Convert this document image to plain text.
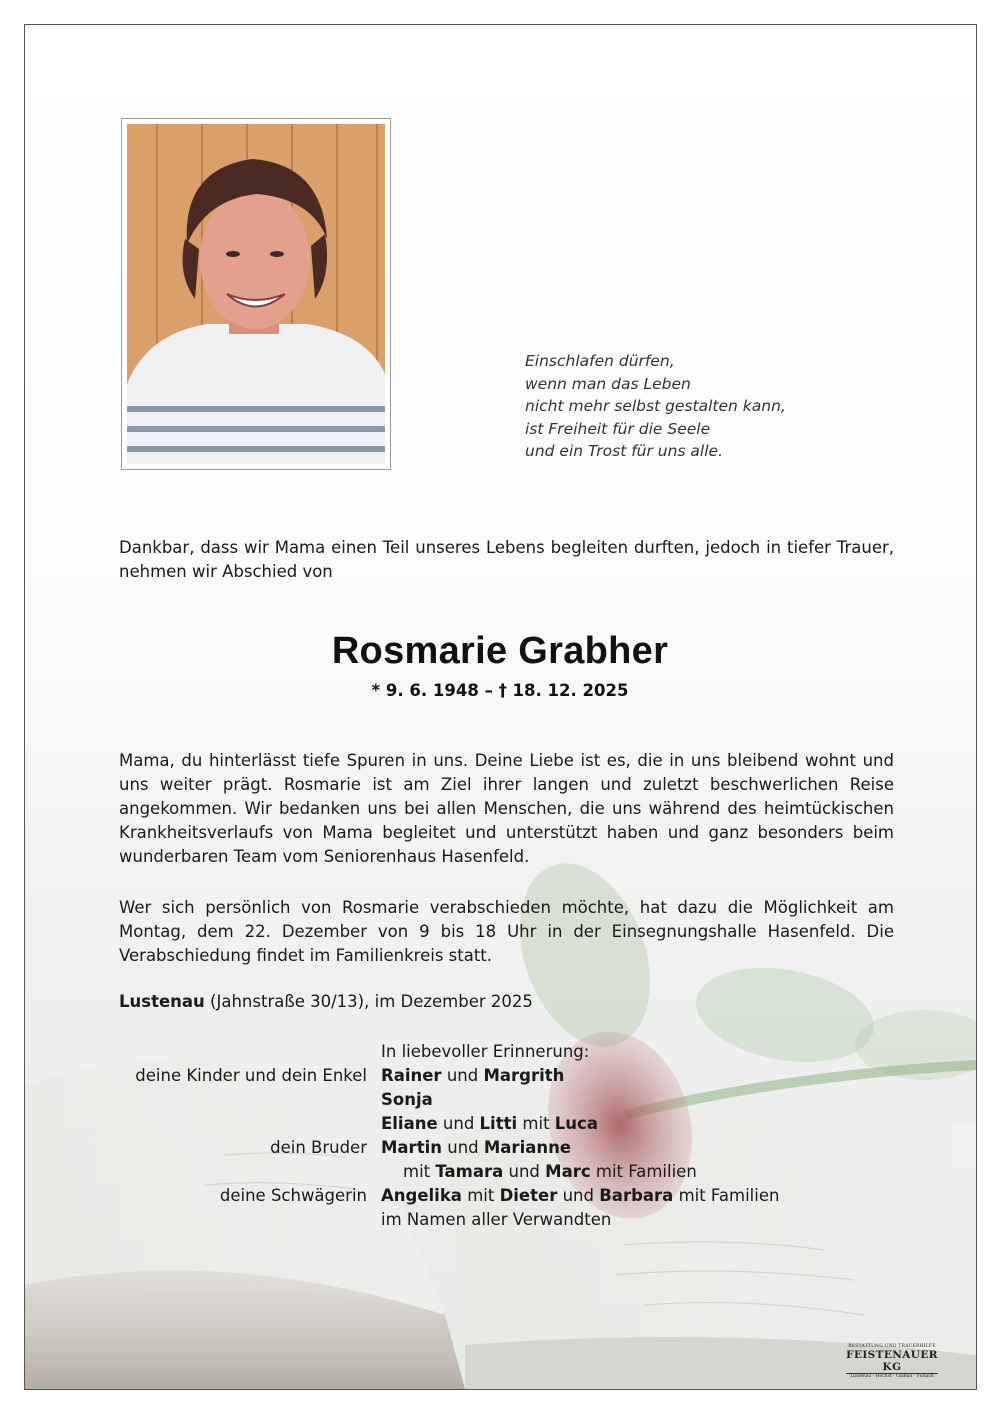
Einschlafen dürfen,
wenn man das Leben
nicht mehr selbst gestalten kann,
ist Freiheit für die Seele
und ein Trost für uns alle.
Dankbar, dass wir Mama einen Teil unseres Lebens begleiten durften, jedoch in tiefer Trauer, nehmen wir Abschied von
Rosmarie Grabher
* 9. 6. 1948 – † 18. 12. 2025
Mama, du hinterlässt tiefe Spuren in uns. Deine Liebe ist es, die in uns bleibend wohnt und uns weiter prägt. Rosmarie ist am Ziel ihrer langen und zuletzt beschwerlichen Reise angekommen. Wir bedanken uns bei allen Menschen, die uns während des heimtückischen Krankheitsverlaufs von Mama begleitet und unterstützt haben und ganz besonders beim wunderbaren Team vom Seniorenhaus Hasenfeld.
Wer sich persönlich von Rosmarie verabschieden möchte, hat dazu die Möglichkeit am Montag, dem 22. Dezember von 9 bis 18 Uhr in der Einsegnungshalle Hasenfeld. Die Verabschiedung findet im Familienkreis statt.
Lustenau (Jahnstraße 30/13), im Dezember 2025
In liebevoller Erinnerung:
deine Kinder und dein Enkel Rainer und Margrith
Sonja
Eliane und Litti mit Luca
dein Bruder Martin und Marianne
mit Tamara und Marc mit Familien
deine Schwägerin Angelika mit Dieter und Barbara mit Familien
im Namen aller Verwandten
BESTATTUNG UND TRAUERHILFE
FEISTENAUER KG
Lustenau · Höchst · Gaißau · Fußach
